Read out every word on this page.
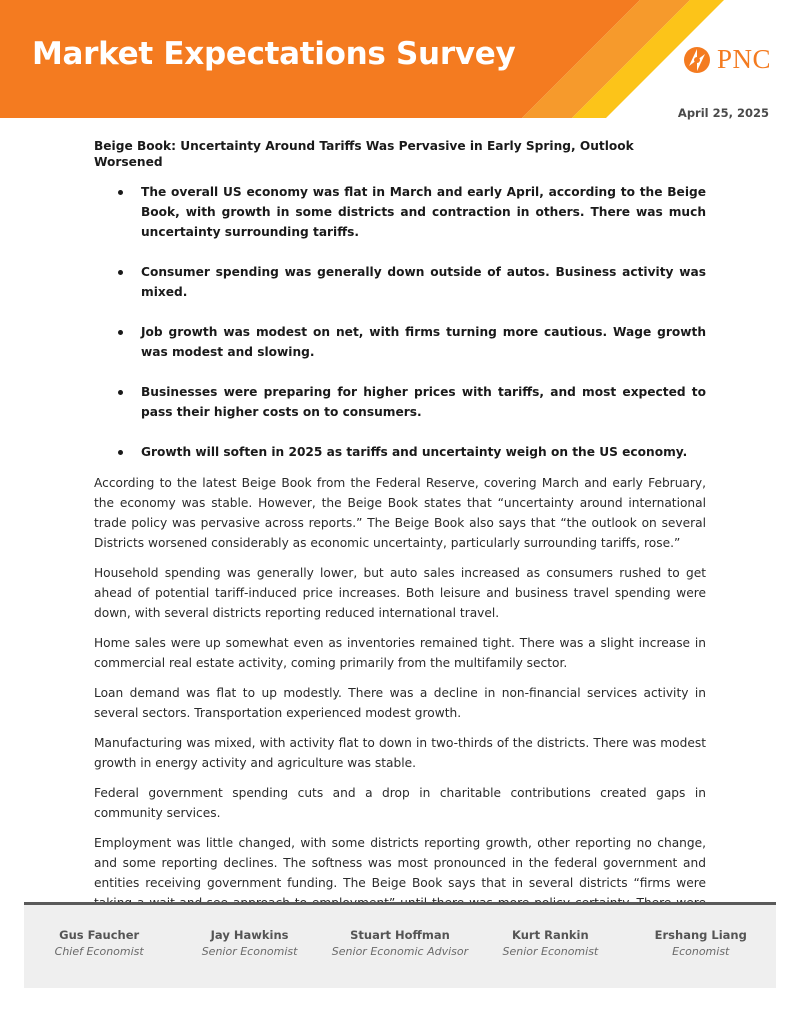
Market Expectations Survey	PNC
April 25, 2025
Beige Book: Uncertainty Around Tariffs Was Pervasive in Early Spring, Outlook Worsened
The overall US economy was flat in March and early April, according to the Beige Book, with growth in some districts and contraction in others. There was much uncertainty surrounding tariffs.
Consumer spending was generally down outside of autos. Business activity was mixed.
Job growth was modest on net, with firms turning more cautious. Wage growth was modest and slowing.
Businesses were preparing for higher prices with tariffs, and most expected to pass their higher costs on to consumers.
Growth will soften in 2025 as tariffs and uncertainty weigh on the US economy.

According to the latest Beige Book from the Federal Reserve, covering March and early February, the economy was stable. However, the Beige Book states that “uncertainty around international trade policy was pervasive across reports.” The Beige Book also says that “the outlook on several Districts worsened considerably as economic uncertainty, particularly surrounding tariffs, rose.”

Household spending was generally lower, but auto sales increased as consumers rushed to get ahead of potential tariff-induced price increases. Both leisure and business travel spending were down, with several districts reporting reduced international travel.

Home sales were up somewhat even as inventories remained tight. There was a slight increase in commercial real estate activity, coming primarily from the multifamily sector.

Loan demand was flat to up modestly. There was a decline in non-financial services activity in several sectors. Transportation experienced modest growth.

Manufacturing was mixed, with activity flat to down in two-thirds of the districts. There was modest growth in energy activity and agriculture was stable.

Federal government spending cuts and a drop in charitable contributions created gaps in community services.

Employment was little changed, with some districts reporting growth, other reporting no change, and some reporting declines. The softness was most pronounced in the federal government and entities receiving government funding. The Beige Book says that in several districts “firms were

Gus Faucher
Chief Economist
Jay Hawkins
Senior Economist
Stuart Hoffman
Senior Economic Advisor
Kurt Rankin
Senior Economist
Ershang Liang
Economist
